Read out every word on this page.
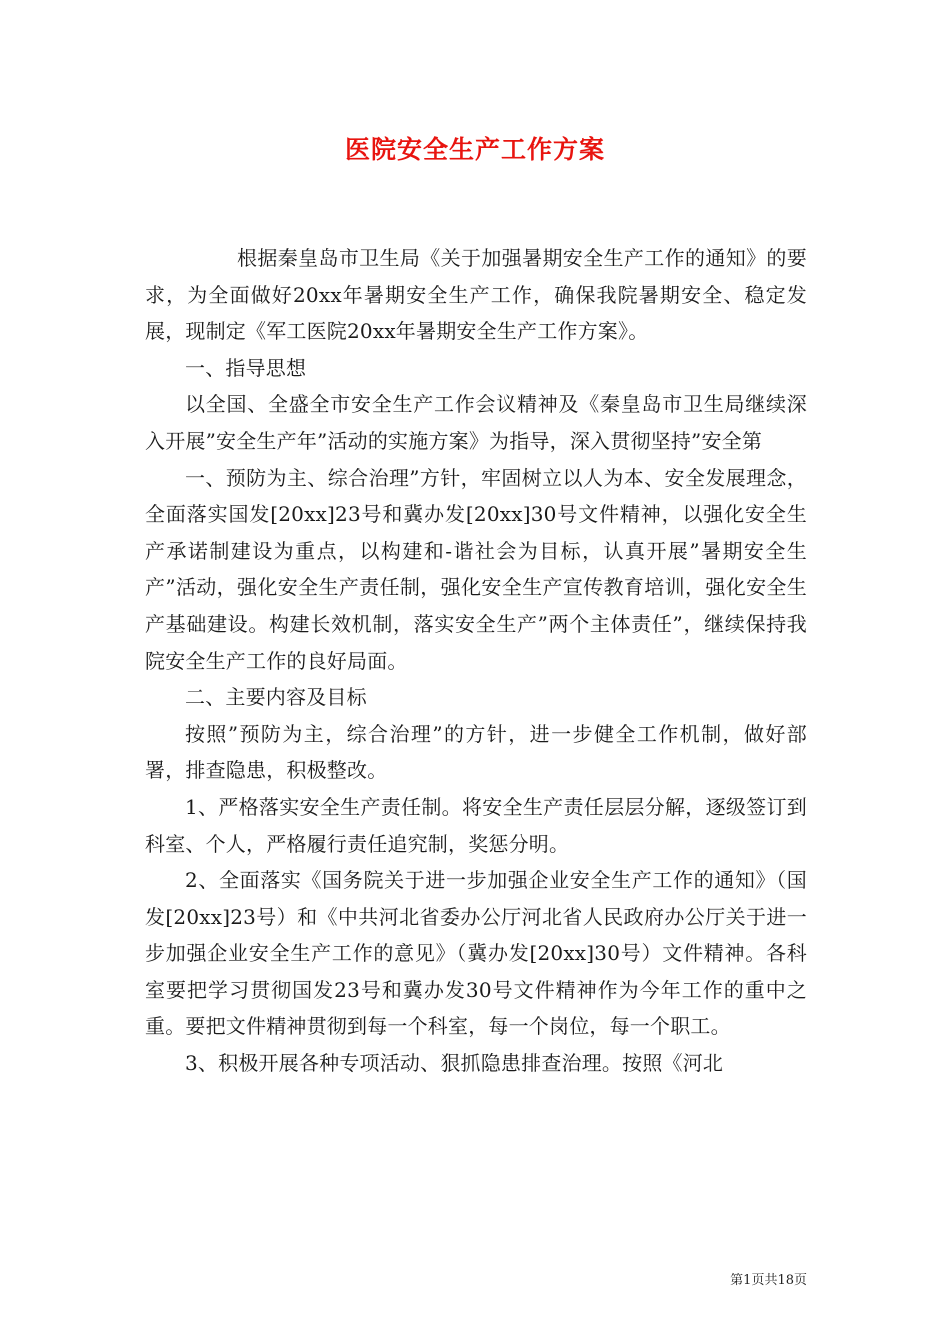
医院安全生产工作方案

根据秦皇岛市卫生局《关于加强暑期安全生产工作的通知》的要求，为全面做好20xx年暑期安全生产工作，确保我院暑期安全、稳定发展，现制定《军工医院20xx年暑期安全生产工作方案》。

一、指导思想

以全国、全盛全市安全生产工作会议精神及《秦皇岛市卫生局继续深入开展”安全生产年”活动的实施方案》为指导，深入贯彻坚持”安全第

一、预防为主、综合治理”方针，牢固树立以人为本、安全发展理念，全面落实国发[20xx]23号和冀办发[20xx]30号文件精神，以强化安全生产承诺制建设为重点，以构建和-谐社会为目标，认真开展”暑期安全生产”活动，强化安全生产责任制，强化安全生产宣传教育培训，强化安全生产基础建设。构建长效机制，落实安全生产”两个主体责任”，继续保持我院安全生产工作的良好局面。

二、主要内容及目标

按照”预防为主，综合治理”的方针，进一步健全工作机制，做好部署，排查隐患，积极整改。

1、严格落实安全生产责任制。将安全生产责任层层分解，逐级签订到科室、个人，严格履行责任追究制，奖惩分明。

2、全面落实《国务院关于进一步加强企业安全生产工作的通知》（国发[20xx]23号）和《中共河北省委办公厅河北省人民政府办公厅关于进一步加强企业安全生产工作的意见》（冀办发[20xx]30号）文件精神。各科室要把学习贯彻国发23号和冀办发30号文件精神作为今年工作的重中之重。要把文件精神贯彻到每一个科室，每一个岗位，每一个职工。

3、积极开展各种专项活动、狠抓隐患排查治理。按照《河北

第1页共18页
